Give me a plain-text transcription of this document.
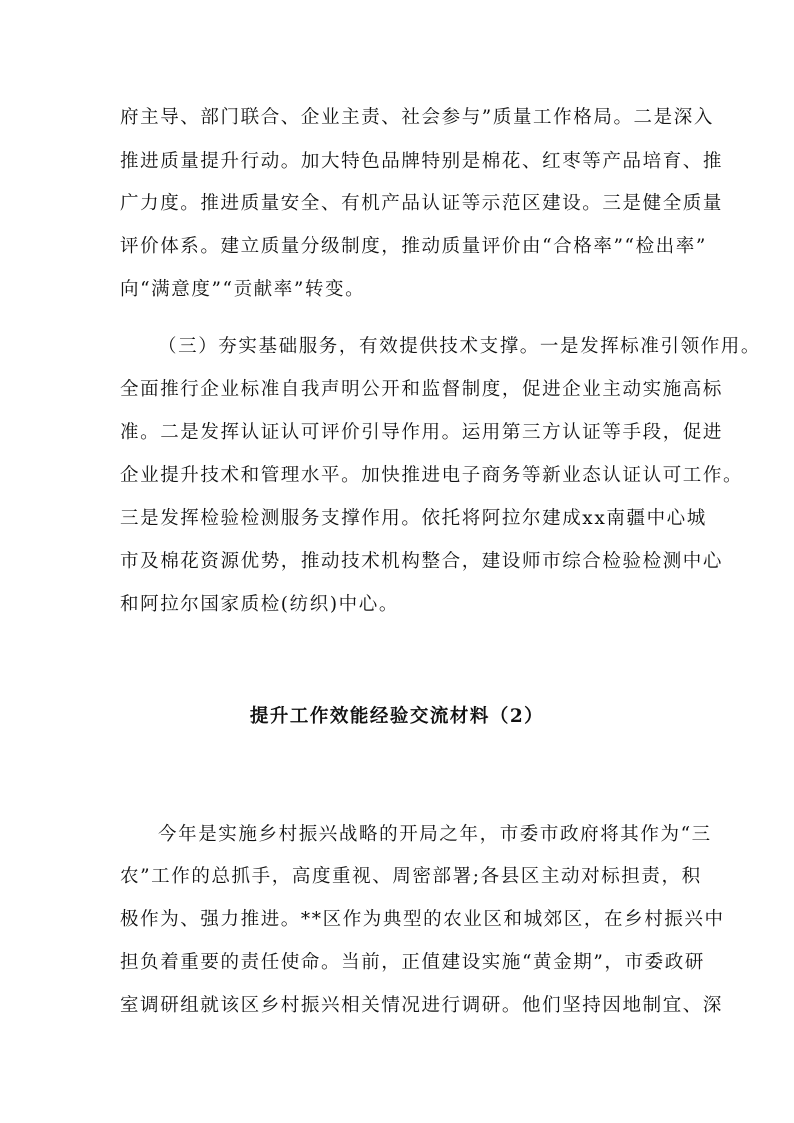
府主导、部门联合、企业主责、社会参与”质量工作格局。二是深入
推进质量提升行动。加大特色品牌特别是棉花、红枣等产品培育、推
广力度。推进质量安全、有机产品认证等示范区建设。三是健全质量
评价体系。建立质量分级制度，推动质量评价由“合格率”“检出率”
向“满意度”“贡献率”转变。
（三）夯实基础服务，有效提供技术支撑。一是发挥标准引领作用。
全面推行企业标准自我声明公开和监督制度，促进企业主动实施高标
准。二是发挥认证认可评价引导作用。运用第三方认证等手段，促进
企业提升技术和管理水平。加快推进电子商务等新业态认证认可工作。
三是发挥检验检测服务支撑作用。依托将阿拉尔建成xx南疆中心城
市及棉花资源优势，推动技术机构整合，建设师市综合检验检测中心
和阿拉尔国家质检(纺织)中心。
提升工作效能经验交流材料（2）
今年是实施乡村振兴战略的开局之年，市委市政府将其作为“三
农”工作的总抓手，高度重视、周密部署;各县区主动对标担责，积
极作为、强力推进。**区作为典型的农业区和城郊区，在乡村振兴中
担负着重要的责任使命。当前，正值建设实施“黄金期”，市委政研
室调研组就该区乡村振兴相关情况进行调研。他们坚持因地制宜、深
